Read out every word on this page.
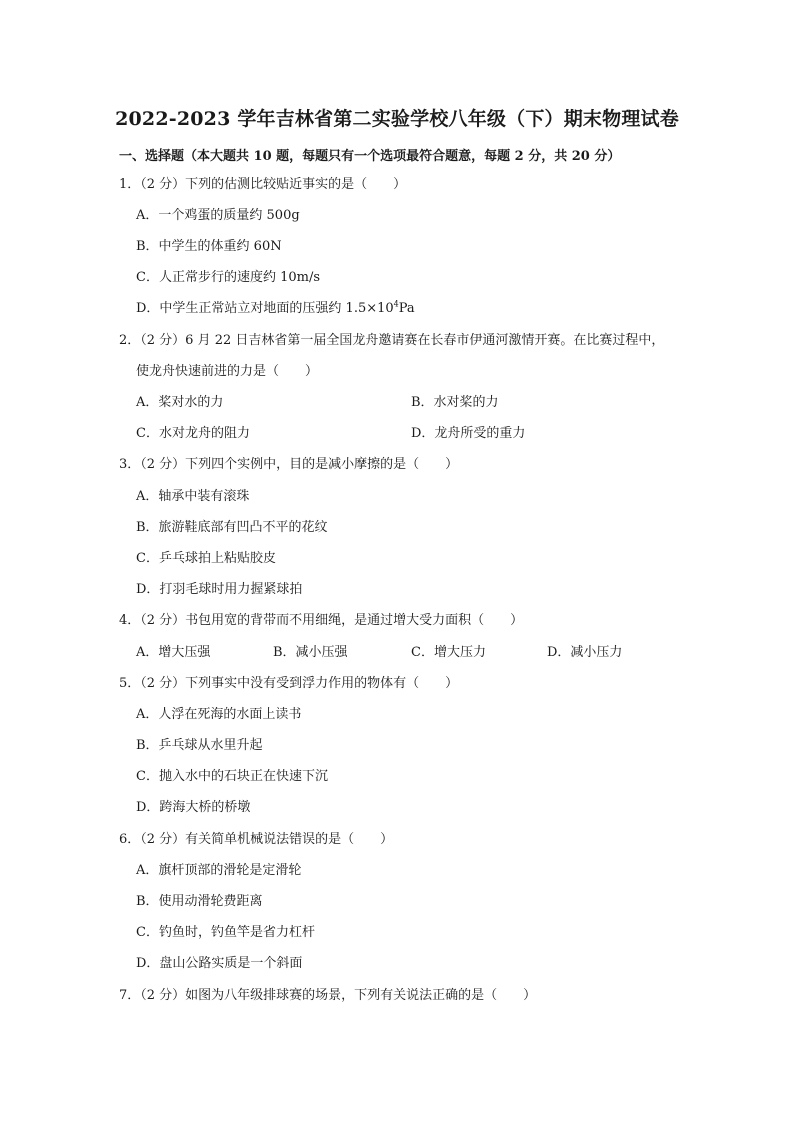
2022-2023 学年吉林省第二实验学校八年级（下）期末物理试卷
一、选择题（本大题共 10 题，每题只有一个选项最符合题意，每题 2 分，共 20 分）
1．（2 分）下列的估测比较贴近事实的是（　　）
A．一个鸡蛋的质量约 500g
B．中学生的体重约 60N
C．人正常步行的速度约 10m/s
D．中学生正常站立对地面的压强约 $1.5\times 10^4Pa$
2．（2 分）6 月 22 日吉林省第一届全国龙舟邀请赛在长春市伊通河激情开赛。在比赛过程中，
使龙舟快速前进的力是（　　）
A．桨对水的力	B．水对桨的力
C．水对龙舟的阻力	D．龙舟所受的重力
3．（2 分）下列四个实例中，目的是减小摩擦的是（　　）
A．轴承中装有滚珠
B．旅游鞋底部有凹凸不平的花纹
C．乒乓球拍上粘贴胶皮
D．打羽毛球时用力握紧球拍
4．（2 分）书包用宽的背带而不用细绳，是通过增大受力面积（　　）
A．增大压强	B．减小压强	C．增大压力	D．减小压力
5．（2 分）下列事实中没有受到浮力作用的物体有（　　）
A．人浮在死海的水面上读书
B．乒乓球从水里升起
C．抛入水中的石块正在快速下沉
D．跨海大桥的桥墩
6．（2 分）有关简单机械说法错误的是（　　）
A．旗杆顶部的滑轮是定滑轮
B．使用动滑轮费距离
C．钓鱼时，钓鱼竿是省力杠杆
D．盘山公路实质是一个斜面
7．（2 分）如图为八年级排球赛的场景，下列有关说法正确的是（　　）
